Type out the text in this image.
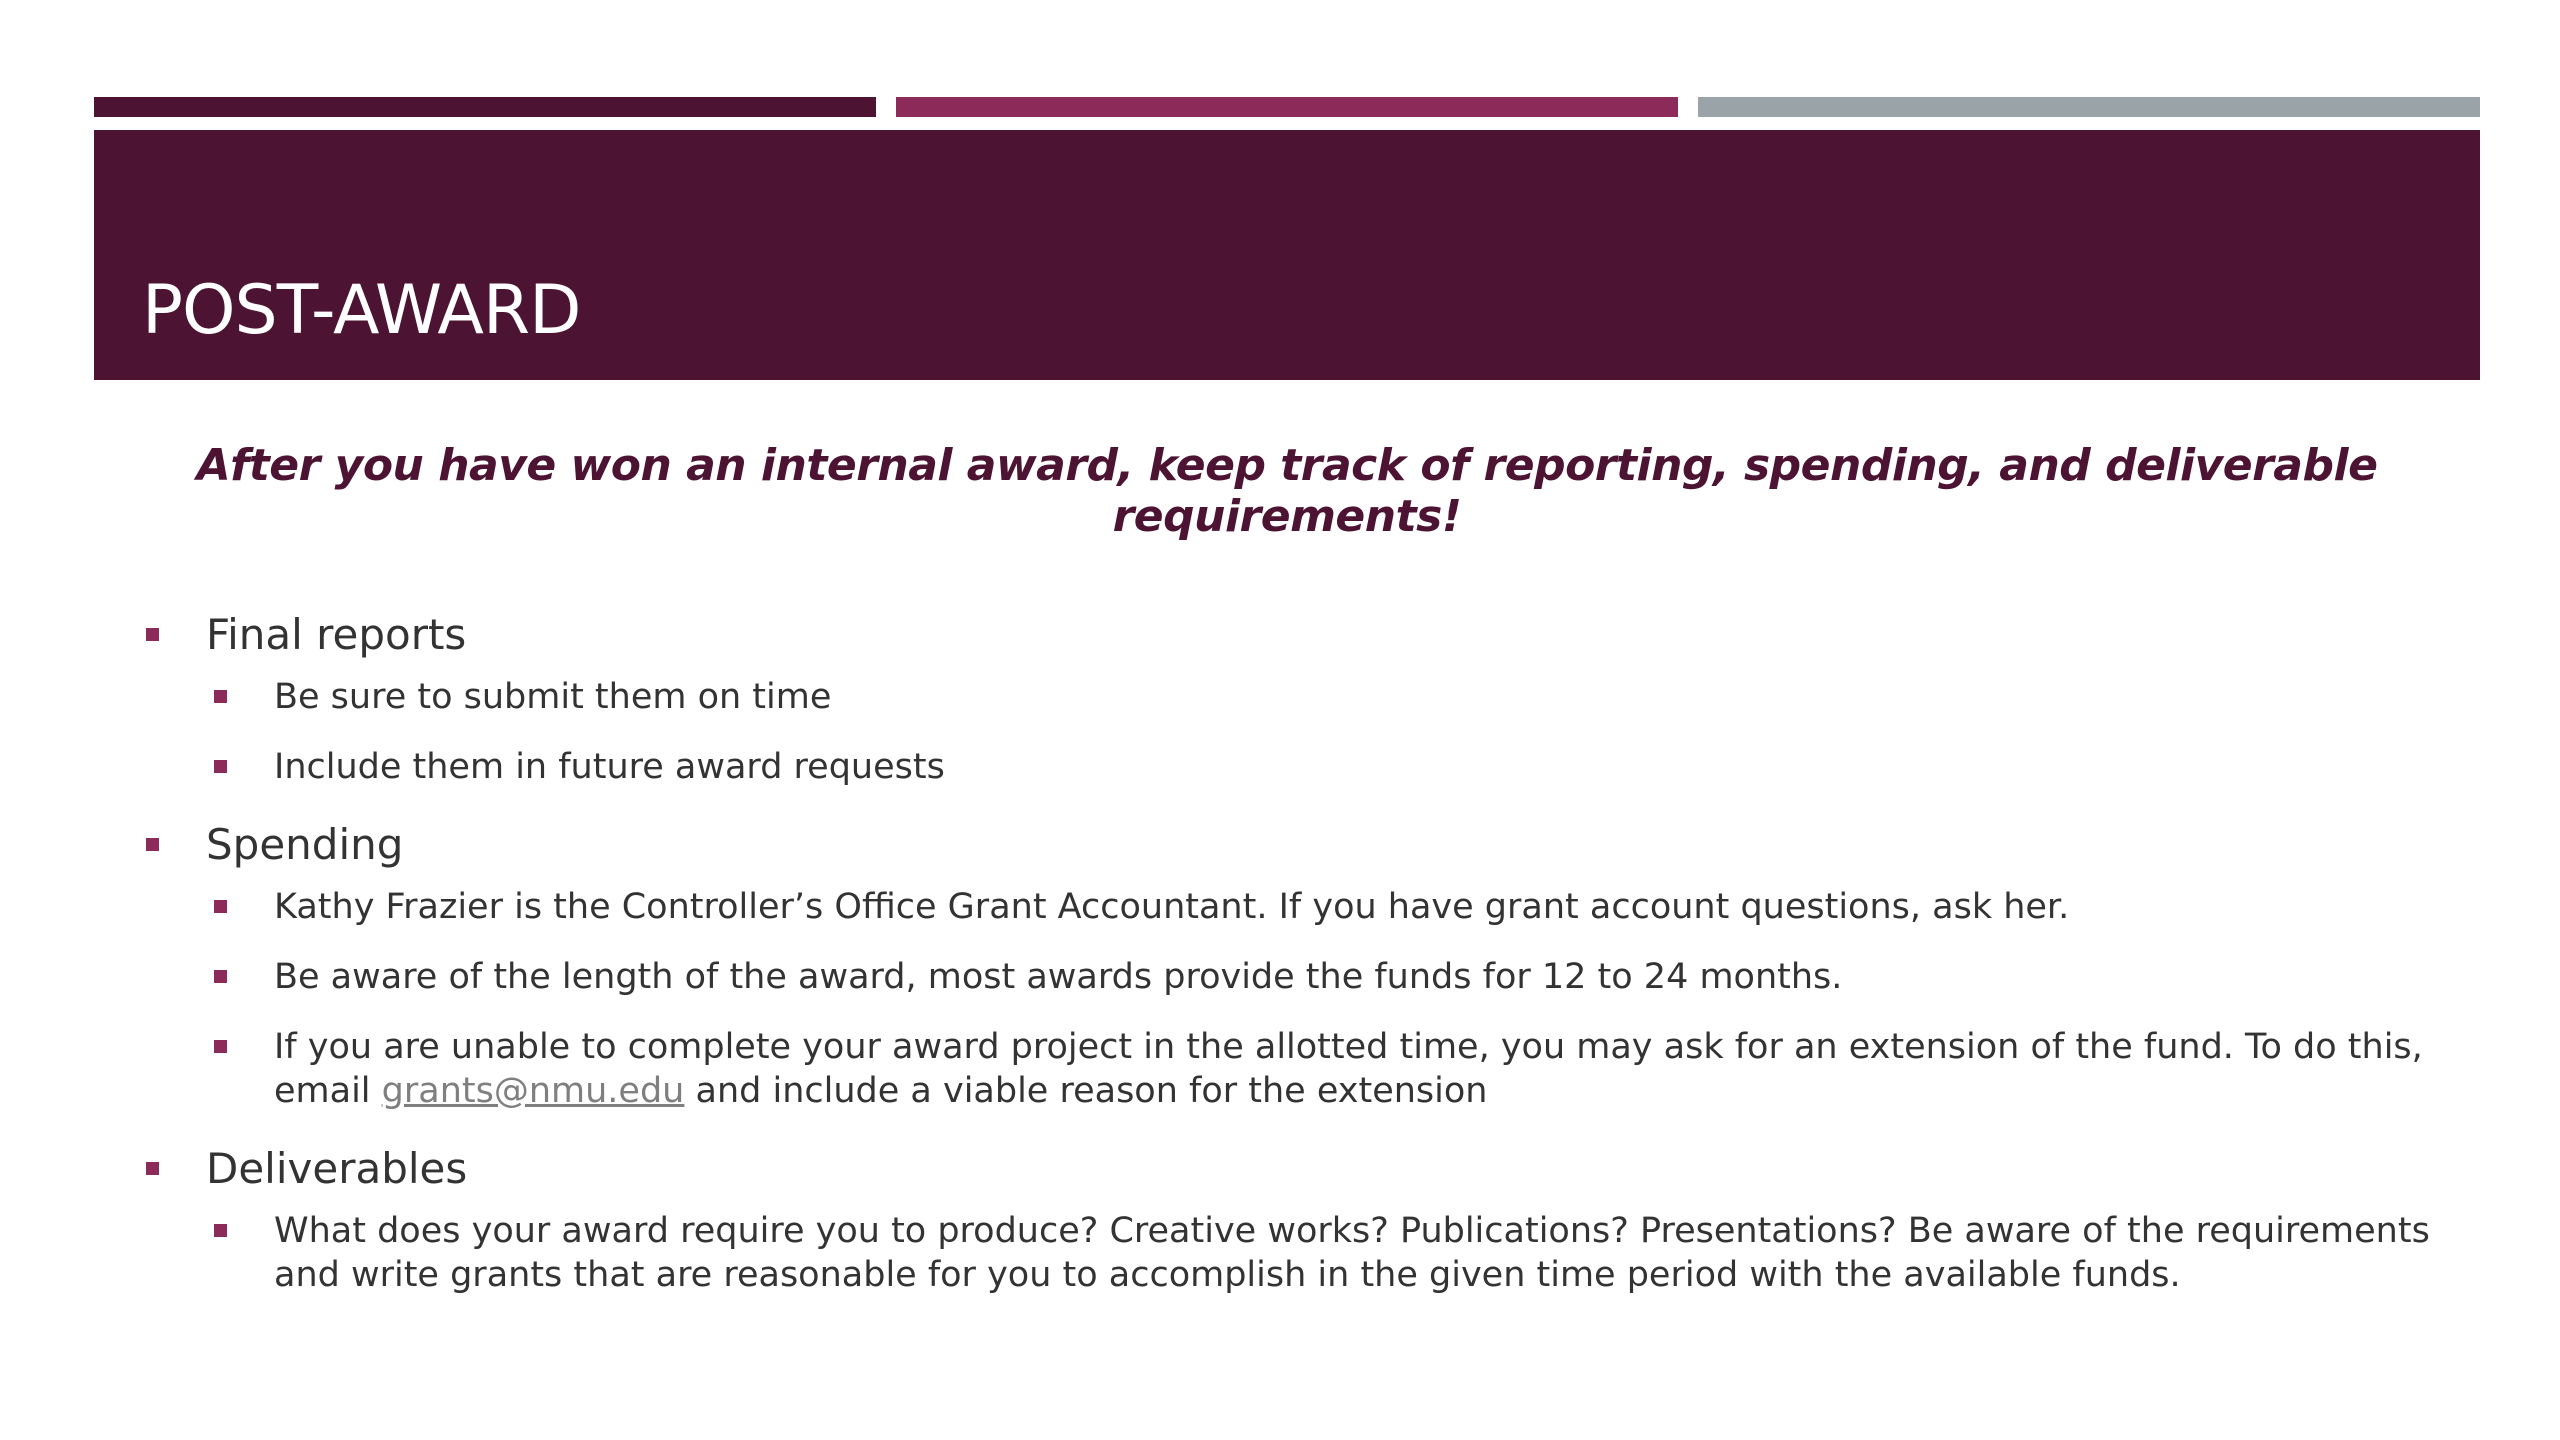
POST-AWARD

After you have won an internal award, keep track of reporting, spending, and deliverable requirements!

Final reports
Be sure to submit them on time
Include them in future award requests
Spending
Kathy Frazier is the Controller’s Office Grant Accountant. If you have grant account questions, ask her.
Be aware of the length of the award, most awards provide the funds for 12 to 24 months.
If you are unable to complete your award project in the allotted time, you may ask for an extension of the fund. To do this, email grants@nmu.edu and include a viable reason for the extension
Deliverables
What does your award require you to produce? Creative works? Publications? Presentations? Be aware of the requirements and write grants that are reasonable for you to accomplish in the given time period with the available funds.
